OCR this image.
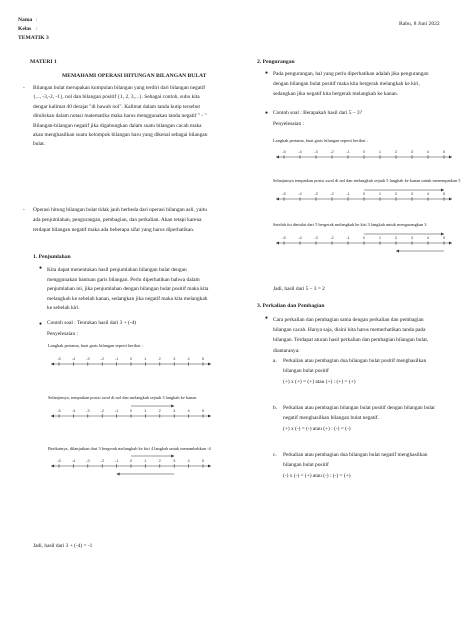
Nama :
Kelas :
TEMATIK 3
Rabu, 8 Juni 2022
MATERI 1
MEMAHAMI OPERASI HITUNGAN BILANGAN BULAT
- Bilangan bulat merupakan kumpulan bilangan yang terdiri dari bilangan negatif
{..., -3,-2, -1}, nol dan bilangan positif {1, 2, 3,...}. Sebagai contoh, suhu kita
dengar kalimat 40 derajat "di bawah nol". Kalimat dalam tanda kutip tersebut
dituliskan dalam notasi matematika maka harus menggunakan tanda negatif " - "
Bilangan-bilangan negatif jika digabungkan dalam suatu bilangan cacah maka
akan menghasilkan suatu kelompok bilangan baru yang dikenal sebagai bilangan
bulat.
- Operasi hitung bilangan bulat tidak jauh berbeda dari operasi bilangan asli, yaitu
ada penjumlahan, pengurangan, pembagian, dan perkalian. Akan tetapi karena
terdapat bilangan negatif maka ada beberapa sifat yang harus diperhatikan.
1. Penjumlahan
● Kita dapat menentukan hasil penjumlahan bilangan bulat dengan
menggunakan bantuan garis bilangan. Perlu diperhatikan bahwa dalam
penjumlahan ini, jika penjumlahan dengan bilangan bulat positif maka kita
melangkah ke sebelah kanan, sedangkan jika negatif maka kita melangkah
ke sebelah kiri.
● Contoh soal : Tentukan hasil dari 3 + (-4)
Penyelesaian :
Langkah pertama, buat garis bilangan seperti berikut :
Selanjutnya, tempatkan posisi awal di nol dan melangkah sejauh 3 langkah ke kanan
Berikutnya, dilanjutkan dari 3 bergerak melangkah ke kiri 4 langkah untuk menambahkan -4
-5	-4	-3	-2	-1	0	1	2	3	4	5
-5	-4	-3	-2	-1	0	1	2	3	4	5
-5	-4	-3	-2	-1	0	1	2	3	4	5
Jadi, hasil dari 3 + (-4) = -1
2. Pengurangan
● Pada pengurangan, hal yang perlu diperhatikan adalah jika pengurangan
dengan bilangan bulat positif maka kita bergerak melangkah ke kiri,
sedangkan jika negatif kita bergerak melangkah ke kanan.
● Contoh soal : Berapakah hasil dari 5 – 3?
Penyelesaian :
Langkah pertama, buat garis bilangan seperti berikut :
Selanjutnya tempatkan posisi awal di nol dan melangkah sejauh 5 langkah ke kanan untuk menempatkan 5
Setelah itu dimulai dari 5 bergerak melangkah ke kiri 3 langkah untuk mengurangkan 3
-5	-4	-3	-2	-1	0	1	2	3	4	5
-5	-4	-3	-2	-1	0	1	2	3	4	5
-5	-4	-3	-2	-1	0	1	2	3	4	5
Jadi, hasil dari 5 – 3 = 2
3. Perkalian dan Pembagian
● Cara perkalian dan pembagian sama dengan perkalian dan pembagian
bilangan cacah. Hanya saja, disini kita harus memerhatikan tanda pada
bilangan. Terdapat aturan hasil perkalian dan pembagian bilangan bulat,
diantaranya:
a. Perkalian atau pembagian dua bilangan bulat positif menghasilkan
bilangan bulat positif
(+) x (+) = (+) atau (+) : (+) = (+)
b. Perkalian atau pembagian bilangan bulat positif dengan bilangan bulat
negatif menghasilkan bilangan bulat negatif.
(+) x (-) = (-) atau (+) : (-) = (-)
c. Perkalian atau pembagian dua bilangan bulat negatif menghasilkan
bilangan bulat positif
(-) x (-) = (+) atau (-) : (-) = (+)
